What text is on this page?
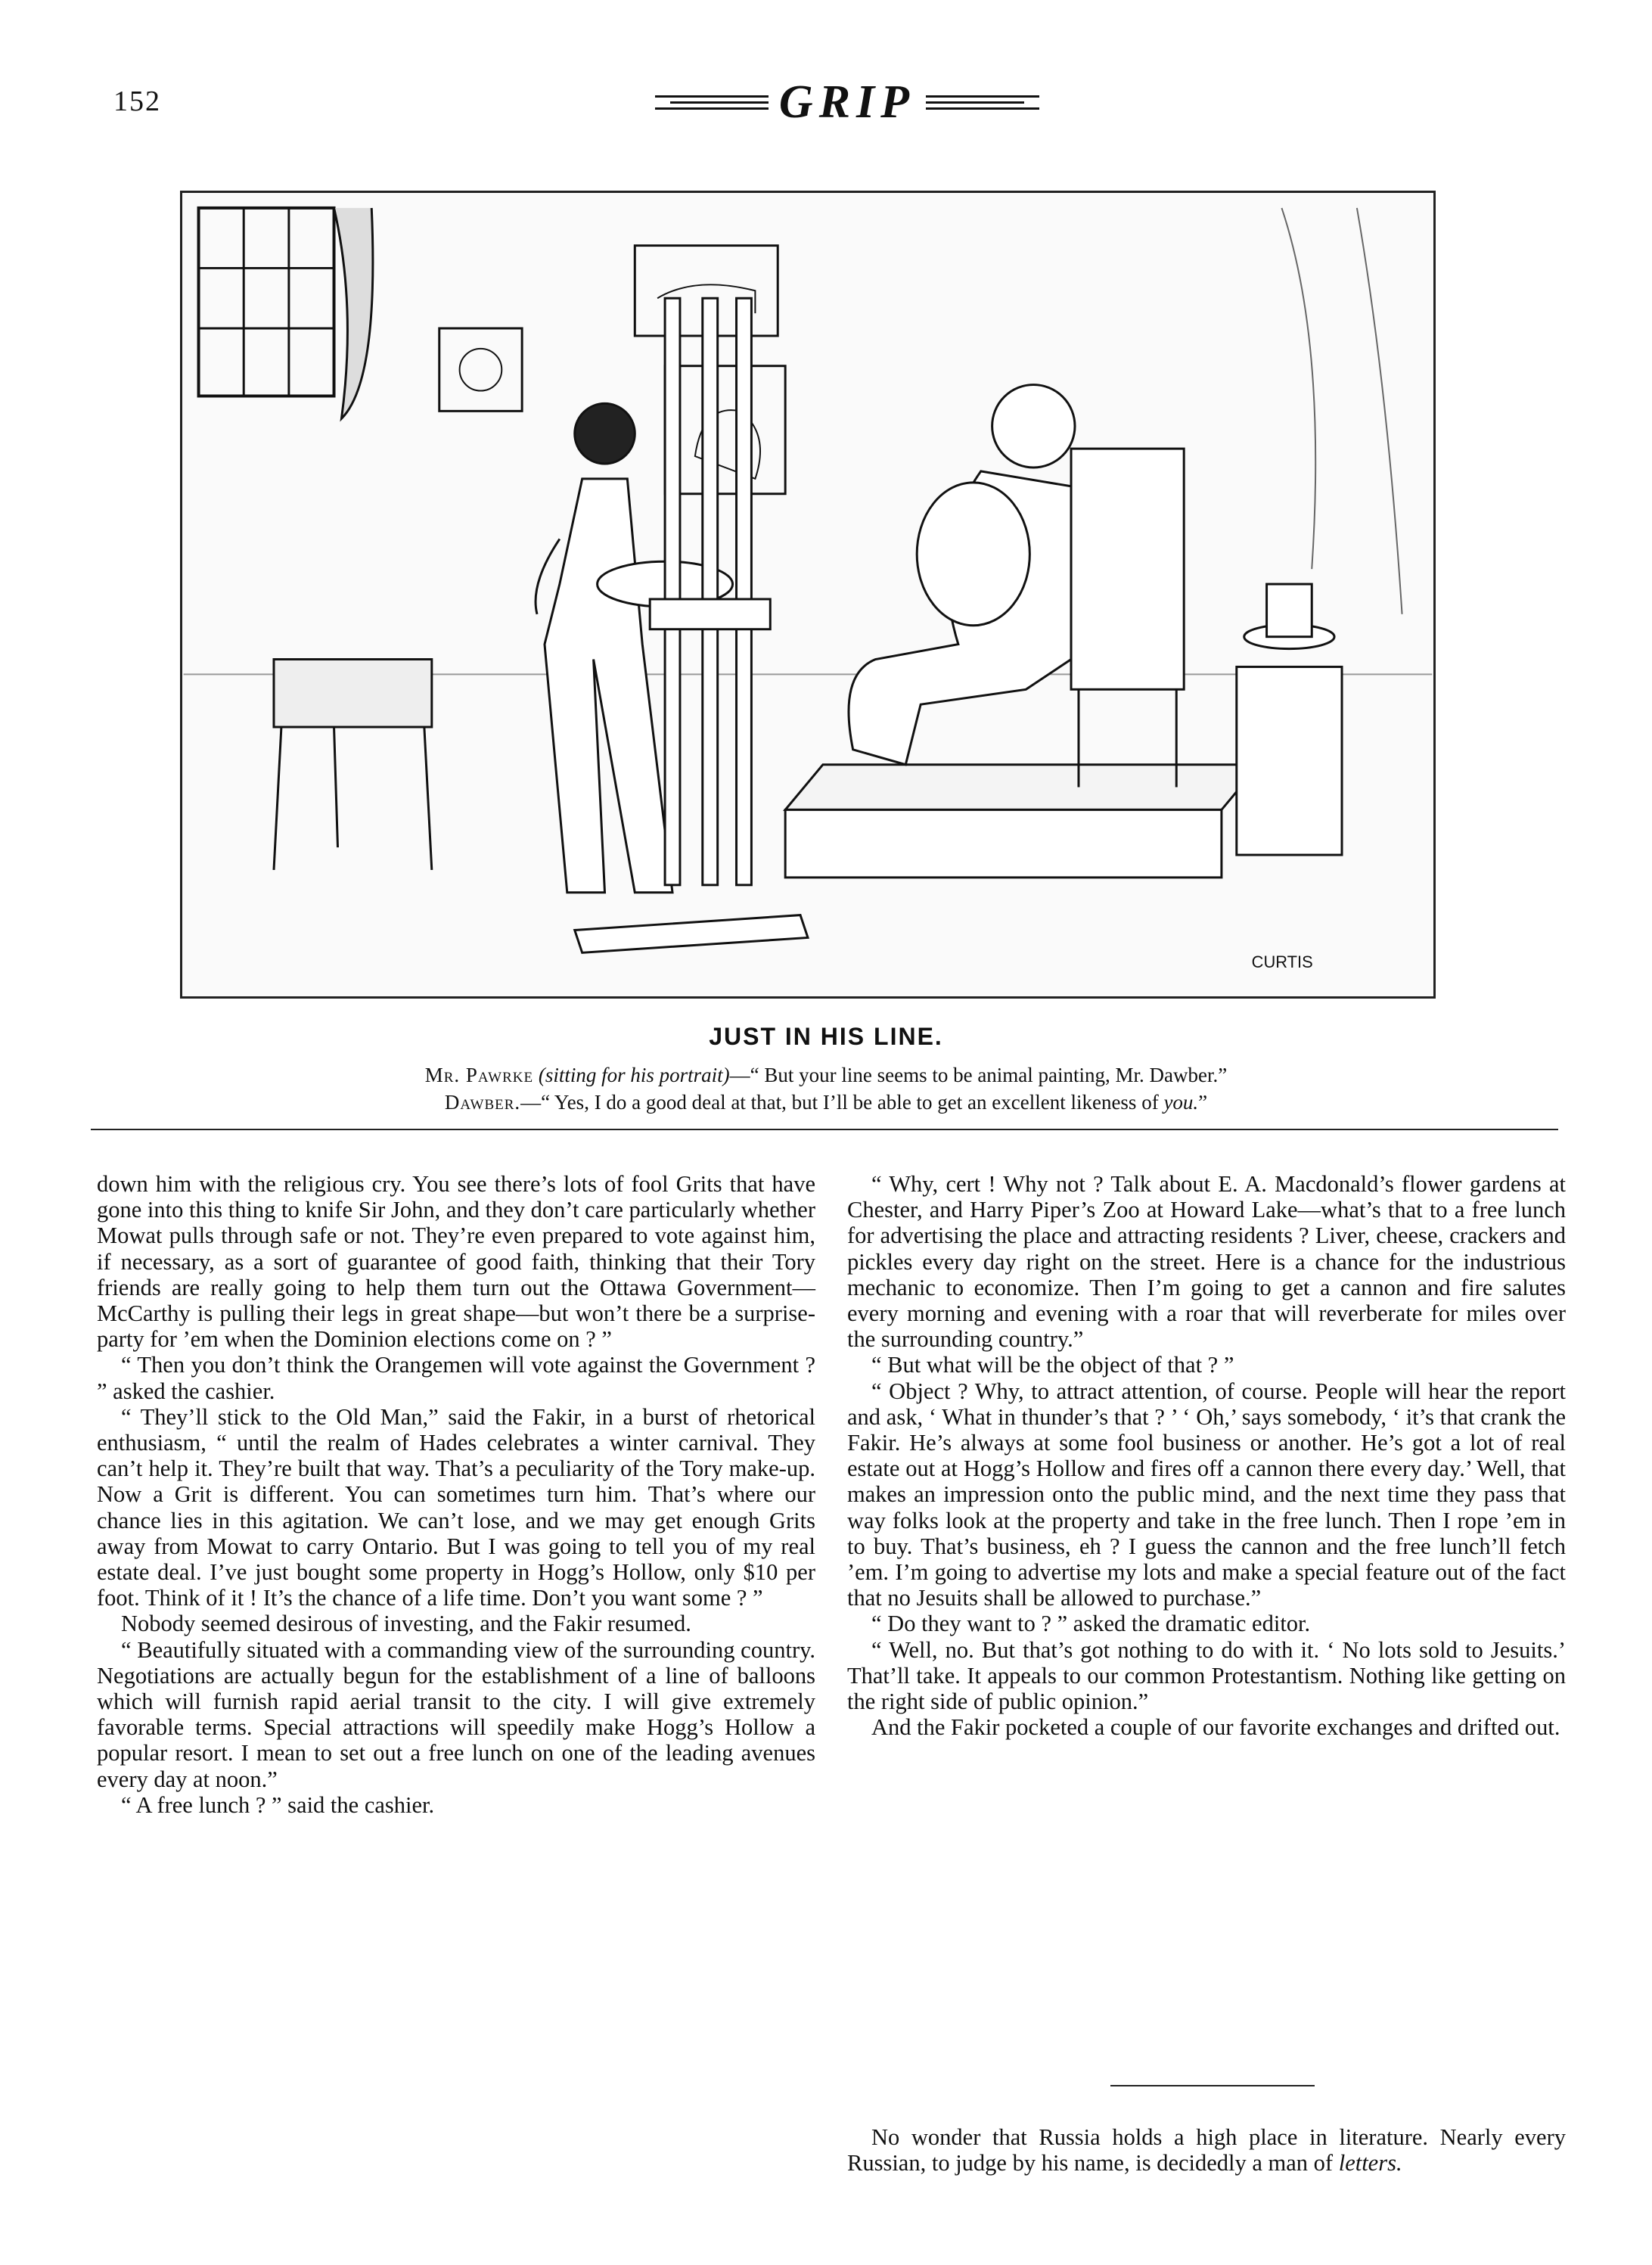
152	GRIP
CURTIS
JUST IN HIS LINE.
Mr. Pawrke (sitting for his portrait)—“ But your line seems to be animal painting, Mr. Dawber.”
Dawber.—“ Yes, I do a good deal at that, but I’ll be able to get an excellent likeness of you.”

down him with the religious cry. You see there’s lots of fool Grits that have gone into this thing to knife Sir John, and they don’t care particularly whether Mowat pulls through safe or not. They’re even prepared to vote against him, if necessary, as a sort of guarantee of good faith, thinking that their Tory friends are really going to help them turn out the Ottawa Government—McCarthy is pulling their legs in great shape—but won’t there be a surprise-party for ’em when the Dominion elections come on ? ”

“ Then you don’t think the Orangemen will vote against the Government ? ” asked the cashier.

“ They’ll stick to the Old Man,” said the Fakir, in a burst of rhetorical enthusiasm, “ until the realm of Hades celebrates a winter carnival. They can’t help it. They’re built that way. That’s a peculiarity of the Tory make-up. Now a Grit is different. You can sometimes turn him. That’s where our chance lies in this agitation. We can’t lose, and we may get enough Grits away from Mowat to carry Ontario. But I was going to tell you of my real estate deal. I’ve just bought some property in Hogg’s Hollow, only $10 per foot. Think of it ! It’s the chance of a life time. Don’t you want some ? ”

Nobody seemed desirous of investing, and the Fakir resumed.

“ Beautifully situated with a commanding view of the surrounding country. Negotiations are actually begun for the establishment of a line of balloons which will furnish rapid aerial transit to the city. I will give extremely favorable terms. Special attractions will speedily make Hogg’s Hollow a popular resort. I mean to set out a free lunch on one of the leading avenues every day at noon.”

“ A free lunch ? ” said the cashier.

“ Why, cert ! Why not ? Talk about E. A. Macdonald’s flower gardens at Chester, and Harry Piper’s Zoo at Howard Lake—what’s that to a free lunch for advertising the place and attracting residents ? Liver, cheese, crackers and pickles every day right on the street. Here is a chance for the industrious mechanic to economize. Then I’m going to get a cannon and fire salutes every morning and evening with a roar that will reverberate for miles over the surrounding country.”

“ But what will be the object of that ? ”

“ Object ? Why, to attract attention, of course. People will hear the report and ask, ‘ What in thunder’s that ? ’ ‘ Oh,’ says somebody, ‘ it’s that crank the Fakir. He’s always at some fool business or another. He’s got a lot of real estate out at Hogg’s Hollow and fires off a cannon there every day.’ Well, that makes an impression onto the public mind, and the next time they pass that way folks look at the property and take in the free lunch. Then I rope ’em in to buy. That’s business, eh ? I guess the cannon and the free lunch’ll fetch ’em. I’m going to advertise my lots and make a special feature out of the fact that no Jesuits shall be allowed to purchase.”

“ Do they want to ? ” asked the dramatic editor.

“ Well, no. But that’s got nothing to do with it. ‘ No lots sold to Jesuits.’ That’ll take. It appeals to our common Protestantism. Nothing like getting on the right side of public opinion.”

And the Fakir pocketed a couple of our favorite exchanges and drifted out.

No wonder that Russia holds a high place in literature. Nearly every Russian, to judge by his name, is decidedly a man of letters.
